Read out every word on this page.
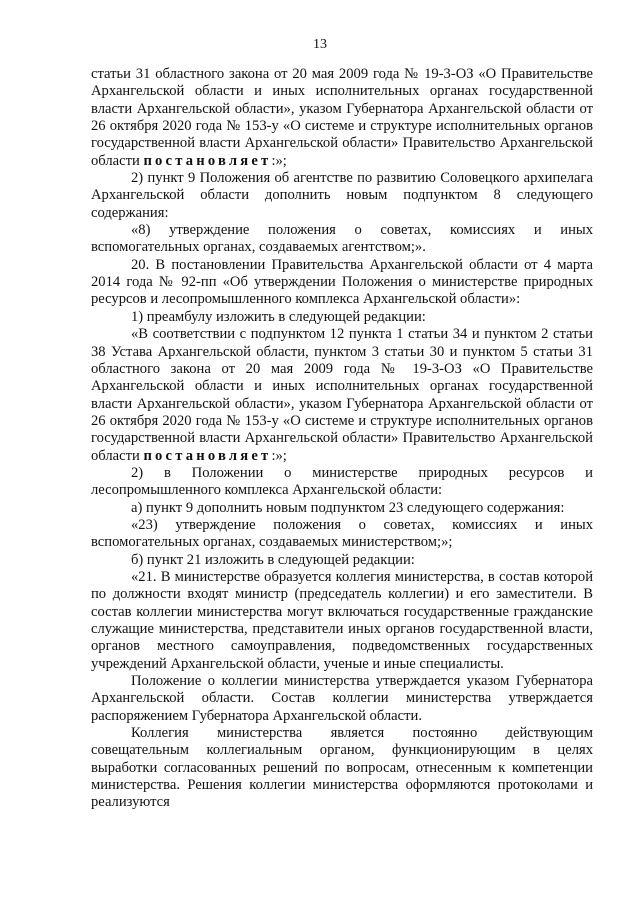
13

статьи 31 областного закона от 20 мая 2009 года № 19-3-ОЗ «О Правительстве Архангельской области и иных исполнительных органах государственной власти Архангельской области», указом Губернатора Архангельской области от 26 октября 2020 года № 153-у «О системе и структуре исполнительных органов государственной власти Архангельской области» Правительство Архангельской области постановляет:»;

2) пункт 9 Положения об агентстве по развитию Соловецкого архипелага Архангельской области дополнить новым подпунктом 8 следующего содержания:

«8) утверждение положения о советах, комиссиях и иных вспомогательных органах, создаваемых агентством;».

20. В постановлении Правительства Архангельской области от 4 марта 2014 года № 92-пп «Об утверждении Положения о министерстве природных ресурсов и лесопромышленного комплекса Архангельской области»:

1) преамбулу изложить в следующей редакции:

«В соответствии с подпунктом 12 пункта 1 статьи 34 и пунктом 2 статьи 38 Устава Архангельской области, пунктом 3 статьи 30 и пунктом 5 статьи 31 областного закона от 20 мая 2009 года № 19-3-ОЗ «О Правительстве Архангельской области и иных исполнительных органах государственной власти Архангельской области», указом Губернатора Архангельской области от 26 октября 2020 года № 153-у «О системе и структуре исполнительных органов государственной власти Архангельской области» Правительство Архангельской области постановляет:»;

2) в Положении о министерстве природных ресурсов и лесопромышленного комплекса Архангельской области:

а) пункт 9 дополнить новым подпунктом 23 следующего содержания:

«23) утверждение положения о советах, комиссиях и иных вспомогательных органах, создаваемых министерством;»;

б) пункт 21 изложить в следующей редакции:

«21. В министерстве образуется коллегия министерства, в состав которой по должности входят министр (председатель коллегии) и его заместители. В состав коллегии министерства могут включаться государственные гражданские служащие министерства, представители иных органов государственной власти, органов местного самоуправления, подведомственных государственных учреждений Архангельской области, ученые и иные специалисты.

Положение о коллегии министерства утверждается указом Губернатора Архангельской области. Состав коллегии министерства утверждается распоряжением Губернатора Архангельской области.

Коллегия министерства является постоянно действующим совещательным коллегиальным органом, функционирующим в целях выработки согласованных решений по вопросам, отнесенным к компетенции министерства. Решения коллегии министерства оформляются протоколами и реализуются
